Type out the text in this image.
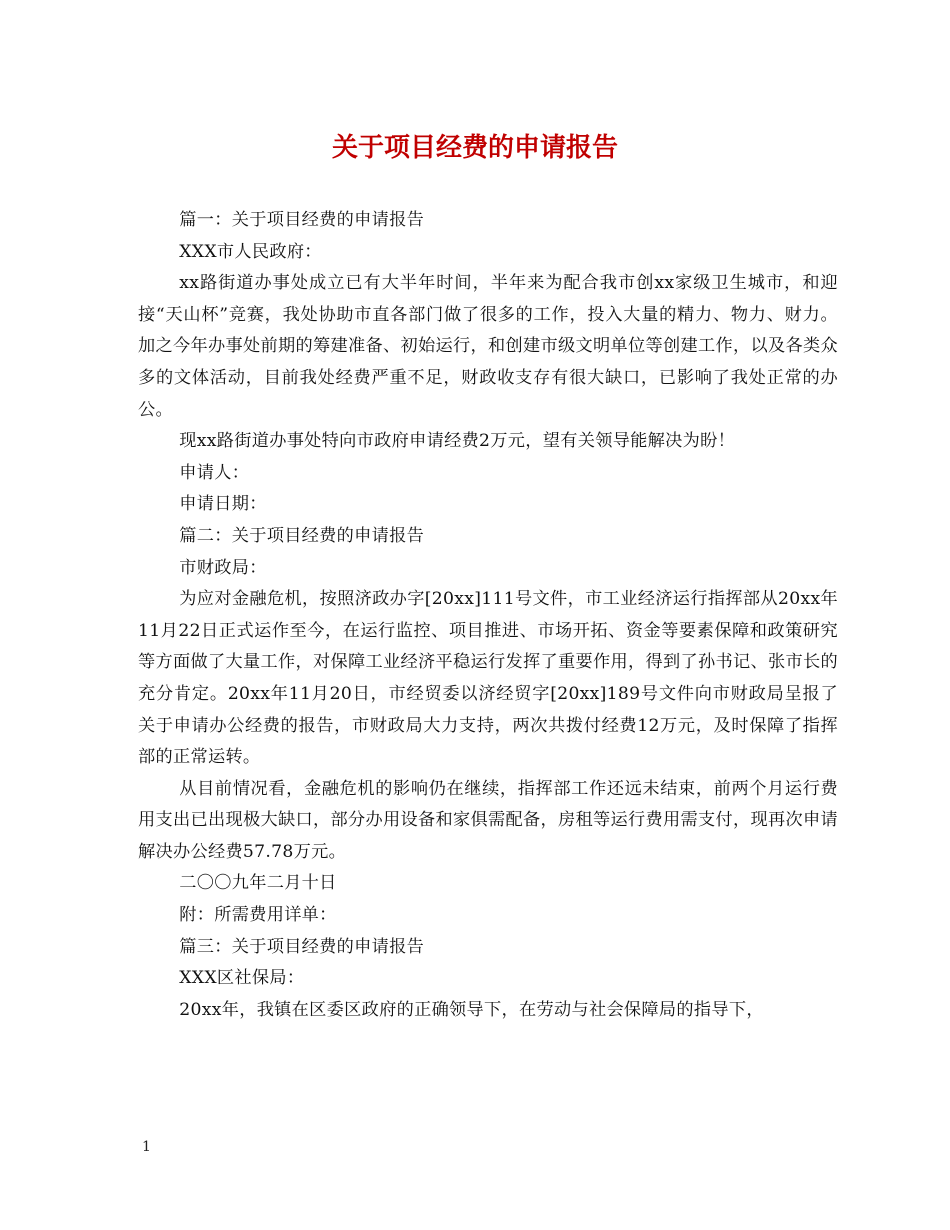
关于项目经费的申请报告

篇一：关于项目经费的申请报告

XXX市人民政府：

xx路街道办事处成立已有大半年时间，半年来为配合我市创xx家级卫生城市，和迎接“天山杯”竞赛，我处协助市直各部门做了很多的工作，投入大量的精力、物力、财力。加之今年办事处前期的筹建准备、初始运行，和创建市级文明单位等创建工作，以及各类众多的文体活动，目前我处经费严重不足，财政收支存有很大缺口，已影响了我处正常的办公。

现xx路街道办事处特向市政府申请经费2万元，望有关领导能解决为盼！

申请人：

申请日期：

篇二：关于项目经费的申请报告

市财政局：

为应对金融危机，按照济政办字[20xx]111号文件，市工业经济运行指挥部从20xx年11月22日正式运作至今，在运行监控、项目推进、市场开拓、资金等要素保障和政策研究等方面做了大量工作，对保障工业经济平稳运行发挥了重要作用，得到了孙书记、张市长的充分肯定。20xx年11月20日，市经贸委以济经贸字[20xx]189号文件向市财政局呈报了关于申请办公经费的报告，市财政局大力支持，两次共拨付经费12万元，及时保障了指挥部的正常运转。

从目前情况看，金融危机的影响仍在继续，指挥部工作还远未结束，前两个月运行费用支出已出现极大缺口，部分办用设备和家俱需配备，房租等运行费用需支付，现再次申请解决办公经费57.78万元。

二〇〇九年二月十日

附：所需费用详单：

篇三：关于项目经费的申请报告

XXX区社保局：

20xx年，我镇在区委区政府的正确领导下，在劳动与社会保障局的指导下，

1
